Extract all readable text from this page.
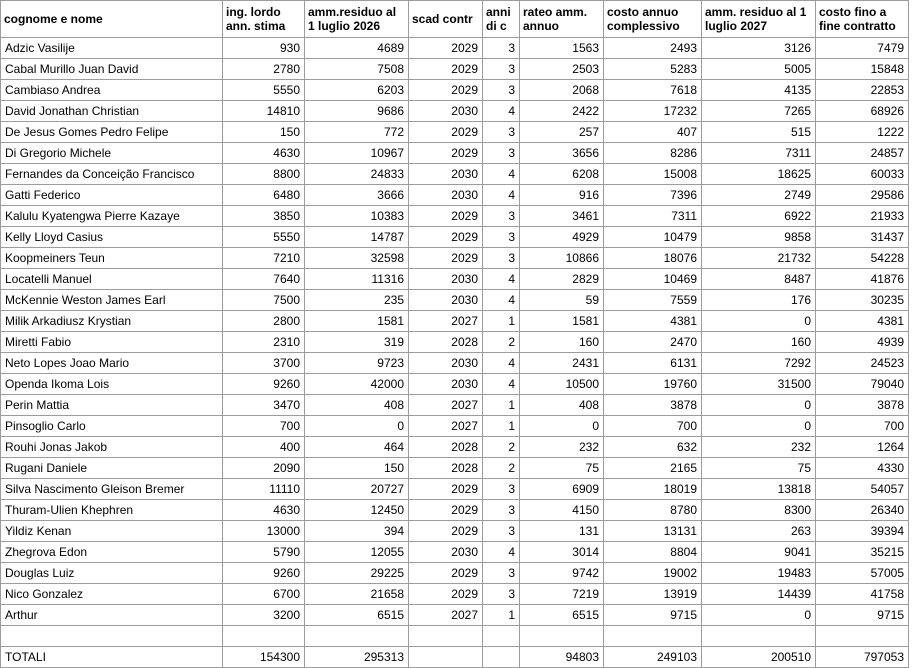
cognome e nome	ing. lordo ann. stima	amm.residuo al 1 luglio 2026	scad contr	anni di c	rateo amm. annuo	costo annuo complessivo	amm. residuo al 1 luglio 2027	costo fino a fine contratto
Adzic Vasilije	930	4689	2029	3	1563	2493	3126	7479
Cabal Murillo Juan David	2780	7508	2029	3	2503	5283	5005	15848
Cambiaso Andrea	5550	6203	2029	3	2068	7618	4135	22853
David Jonathan Christian	14810	9686	2030	4	2422	17232	7265	68926
De Jesus Gomes Pedro Felipe	150	772	2029	3	257	407	515	1222
Di Gregorio Michele	4630	10967	2029	3	3656	8286	7311	24857
Fernandes da Conceição Francisco	8800	24833	2030	4	6208	15008	18625	60033
Gatti Federico	6480	3666	2030	4	916	7396	2749	29586
Kalulu Kyatengwa Pierre Kazaye	3850	10383	2029	3	3461	7311	6922	21933
Kelly Lloyd Casius	5550	14787	2029	3	4929	10479	9858	31437
Koopmeiners Teun	7210	32598	2029	3	10866	18076	21732	54228
Locatelli Manuel	7640	11316	2030	4	2829	10469	8487	41876
McKennie Weston James Earl	7500	235	2030	4	59	7559	176	30235
Milik Arkadiusz Krystian	2800	1581	2027	1	1581	4381	0	4381
Miretti Fabio	2310	319	2028	2	160	2470	160	4939
Neto Lopes Joao Mario	3700	9723	2030	4	2431	6131	7292	24523
Openda Ikoma Lois	9260	42000	2030	4	10500	19760	31500	79040
Perin Mattia	3470	408	2027	1	408	3878	0	3878
Pinsoglio Carlo	700	0	2027	1	0	700	0	700
Rouhi Jonas Jakob	400	464	2028	2	232	632	232	1264
Rugani Daniele	2090	150	2028	2	75	2165	75	4330
Silva Nascimento Gleison Bremer	11110	20727	2029	3	6909	18019	13818	54057
Thuram-Ulien Khephren	4630	12450	2029	3	4150	8780	8300	26340
Yildiz Kenan	13000	394	2029	3	131	13131	263	39394
Zhegrova Edon	5790	12055	2030	4	3014	8804	9041	35215
Douglas Luiz	9260	29225	2029	3	9742	19002	19483	57005
Nico Gonzalez	6700	21658	2029	3	7219	13919	14439	41758
Arthur	3200	6515	2027	1	6515	9715	0	9715

TOTALI	154300	295313			94803	249103	200510	797053
